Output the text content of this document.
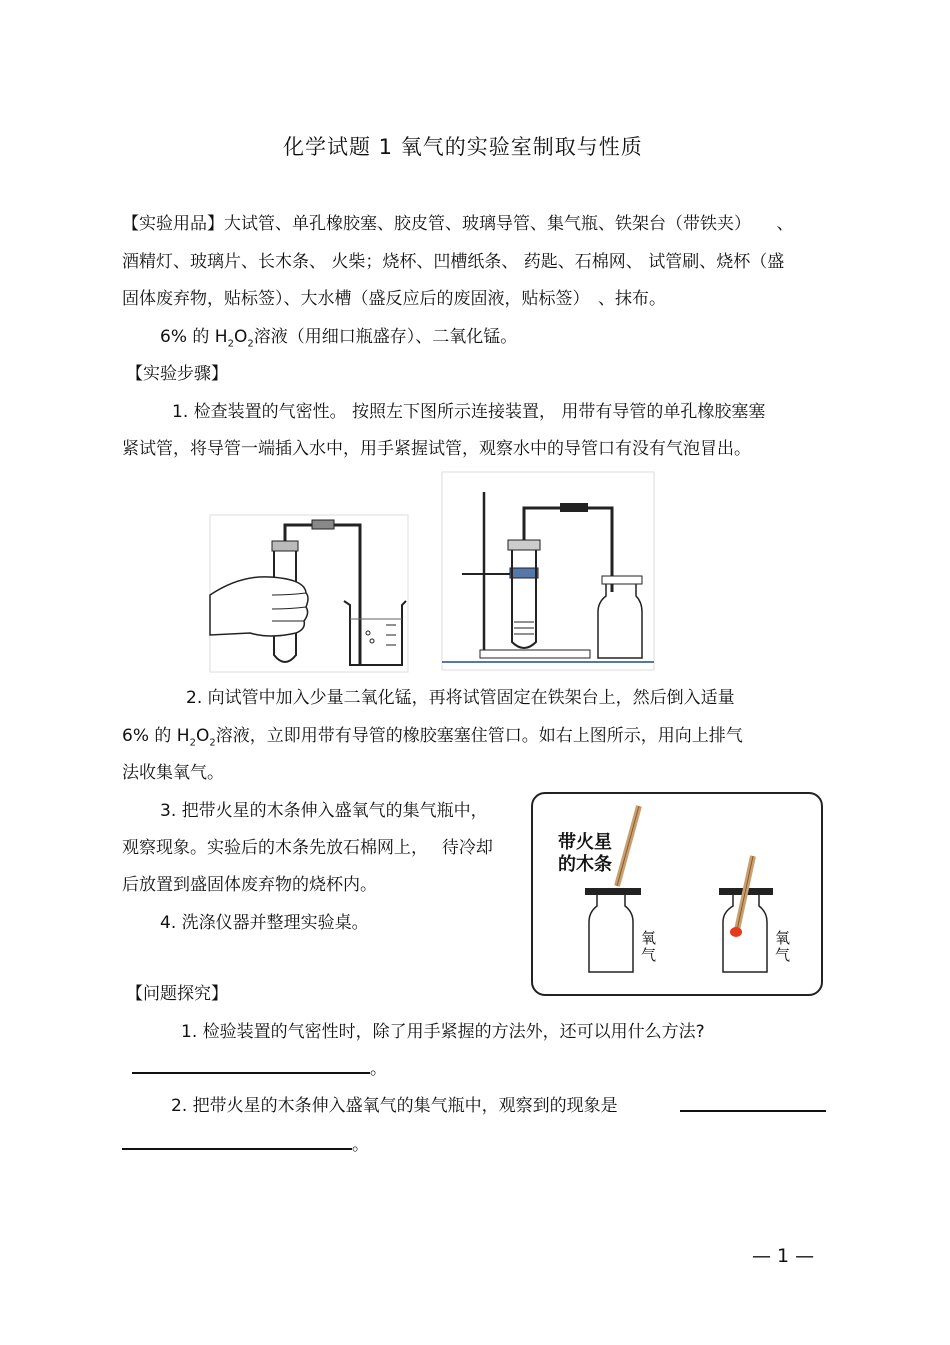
化学试题 1 氧气的实验室制取与性质
【实验用品】大试管、单孔橡胶塞、胶皮管、玻璃导管、集气瓶、铁架台（带铁夹）　　、
酒精灯、玻璃片、长木条、 火柴；烧杯、凹槽纸条、 药匙、石棉网、 试管刷、烧杯（盛
固体废弃物，贴标签）、大水槽（盛反应后的废固液，贴标签）　、抹布。
6% 的 $H_2O_2$溶液（用细口瓶盛存）、二氧化锰。
【实验步骤】
1. 检查装置的气密性。 按照左下图所示连接装置， 用带有导管的单孔橡胶塞塞
紧试管，将导管一端插入水中，用手紧握试管，观察水中的导管口有没有气泡冒出。
2. 向试管中加入少量二氧化锰，再将试管固定在铁架台上，然后倒入适量
6% 的 $H_2O_2$溶液，立即用带有导管的橡胶塞塞住管口。如右上图所示，用向上排气
法收集氧气。
3. 把带火星的木条伸入盛氧气的集气瓶中，
观察现象。实验后的木条先放石棉网上，　 待冷却
后放置到盛固体废弃物的烧杯内。
4. 洗涤仪器并整理实验桌。
带火星
的木条
氧气
氧气
【问题探究】
1. 检验装置的气密性时，除了用手紧握的方法外，还可以用什么方法?
。
2. 把带火星的木条伸入盛氧气的集气瓶中，观察到的现象是
。
— 1 —
